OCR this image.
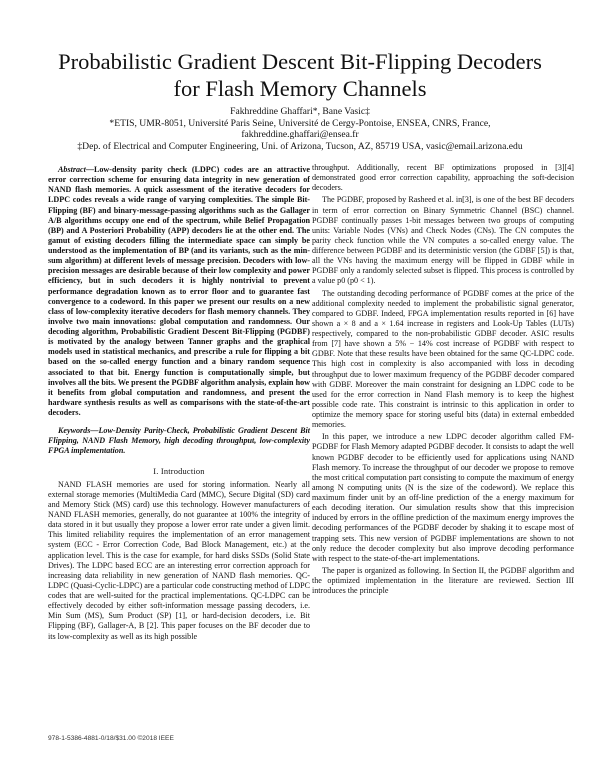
Probabilistic Gradient Descent Bit-Flipping Decoders
for Flash Memory Channels
Fakhreddine Ghaffari*, Bane Vasic‡
*ETIS, UMR-8051, Université Paris Seine, Université de Cergy-Pontoise, ENSEA, CNRS, France,
fakhreddine.ghaffari@ensea.fr
‡Dep. of Electrical and Computer Engineering, Uni. of Arizona, Tucson, AZ, 85719 USA, vasic@email.arizona.edu

Abstract—Low-density parity check (LDPC) codes are an attractive error correction scheme for ensuring data integrity in new generation of NAND flash memories. A quick assessment of the iterative decoders for LDPC codes reveals a wide range of varying complexities. The simple Bit-Flipping (BF) and binary-message-passing algorithms such as the Gallager A/B algorithms occupy one end of the spectrum, while Belief Propagation (BP) and A Posteriori Probability (APP) decoders lie at the other end. The gamut of existing decoders filling the intermediate space can simply be understood as the implementation of BP (and its variants, such as the min-sum algorithm) at different levels of message precision. Decoders with low-precision messages are desirable because of their low complexity and power efficiency, but in such decoders it is highly nontrivial to prevent performance degradation known as to error floor and to guarantee fast convergence to a codeword. In this paper we present our results on a new class of low-complexity iterative decoders for flash memory channels. They involve two main innovations: global computation and randomness. Our decoding algorithm, Probabilistic Gradient Descent Bit-Flipping (PGDBF) is motivated by the analogy between Tanner graphs and the graphical models used in statistical mechanics, and prescribe a rule for flipping a bit based on the so-called energy function and a binary random sequence associated to that bit. Energy function is computationally simple, but involves all the bits. We present the PGDBF algorithm analysis, explain how it benefits from global computation and randomness, and present the hardware synthesis results as well as comparisons with the state-of-the-art decoders.

Keywords—Low-Density Parity-Check, Probabilistic Gradient Descent Bit Flipping, NAND Flash Memory, high decoding throughput, low-complexity FPGA implementation.

I. Introduction

NAND FLASH memories are used for storing information. Nearly all external storage memories (MultiMedia Card (MMC), Secure Digital (SD) card and Memory Stick (MS) card) use this technology. However manufacturers of NAND FLASH memories, generally, do not guarantee at 100% the integrity of data stored in it but usually they propose a lower error rate under a given limit. This limited reliability requires the implementation of an error management system (ECC - Error Correction Code, Bad Block Management, etc.) at the application level. This is the case for example, for hard disks SSDs (Solid State Drives). The LDPC based ECC are an interesting error correction approach for increasing data reliability in new generation of NAND flash memories. QC-LDPC (Quasi-Cyclic-LDPC) are a particular code constructing method of LDPC codes that are well-suited for the practical implementations. QC-LDPC can be effectively decoded by either soft-information message passing decoders, i.e. Min Sum (MS), Sum Product (SP) [1], or hard-decision decoders, i.e. Bit Flipping (BF), Gallager-A, B [2]. This paper focuses on the BF decoder due to its low-complexity as well as its high possible

throughput. Additionally, recent BF optimizations proposed in [3][4] demonstrated good error correction capability, approaching the soft-decision decoders.

The PGDBF, proposed by Rasheed et al. in[3], is one of the best BF decoders in term of error correction on Binary Symmetric Channel (BSC) channel. PGDBF continually passes 1-bit messages between two groups of computing units: Variable Nodes (VNs) and Check Nodes (CNs). The CN computes the parity check function while the VN computes a so-called energy value. The difference between PGDBF and its deterministic version (the GDBF [5]) is that, all the VNs having the maximum energy will be flipped in GDBF while in PGDBF only a randomly selected subset is flipped. This process is controlled by a value p0 (p0 < 1).

The outstanding decoding performance of PGDBF comes at the price of the additional complexity needed to implement the probabilistic signal generator, compared to GDBF. Indeed, FPGA implementation results reported in [6] have shown a × 8 and a × 1.64 increase in registers and Look-Up Tables (LUTs) respectively, compared to the non-probabilistic GDBF decoder. ASIC results from [7] have shown a 5% − 14% cost increase of PGDBF with respect to GDBF. Note that these results have been obtained for the same QC-LDPC code. This high cost in complexity is also accompanied with loss in decoding throughput due to lower maximum frequency of the PGDBF decoder compared with GDBF. Moreover the main constraint for designing an LDPC code to be used for the error correction in Nand Flash memory is to keep the highest possible code rate. This constraint is intrinsic to this application in order to optimize the memory space for storing useful bits (data) in external embedded memories.

In this paper, we introduce a new LDPC decoder algorithm called FM-PGDBF for Flash Memory adapted PGDBF decoder. It consists to adapt the well known PGDBF decoder to be efficiently used for applications using NAND Flash memory. To increase the throughput of our decoder we propose to remove the most critical computation part consisting to compute the maximum of energy among N computing units (N is the size of the codeword). We replace this maximum finder unit by an off-line prediction of the a energy maximum for each decoding iteration. Our simulation results show that this imprecision induced by errors in the offline prediction of the maximum energy improves the decoding performances of the PGDBF decoder by shaking it to escape most of trapping sets. This new version of PGDBF implementations are shown to not only reduce the decoder complexity but also improve decoding performance with respect to the state-of-the-art implementations.

The paper is organized as following. In Section II, the PGDBF algorithm and the optimized implementation in the literature are reviewed. Section III introduces the principle

978-1-5386-4881-0/18/$31.00 ©2018 IEEE
